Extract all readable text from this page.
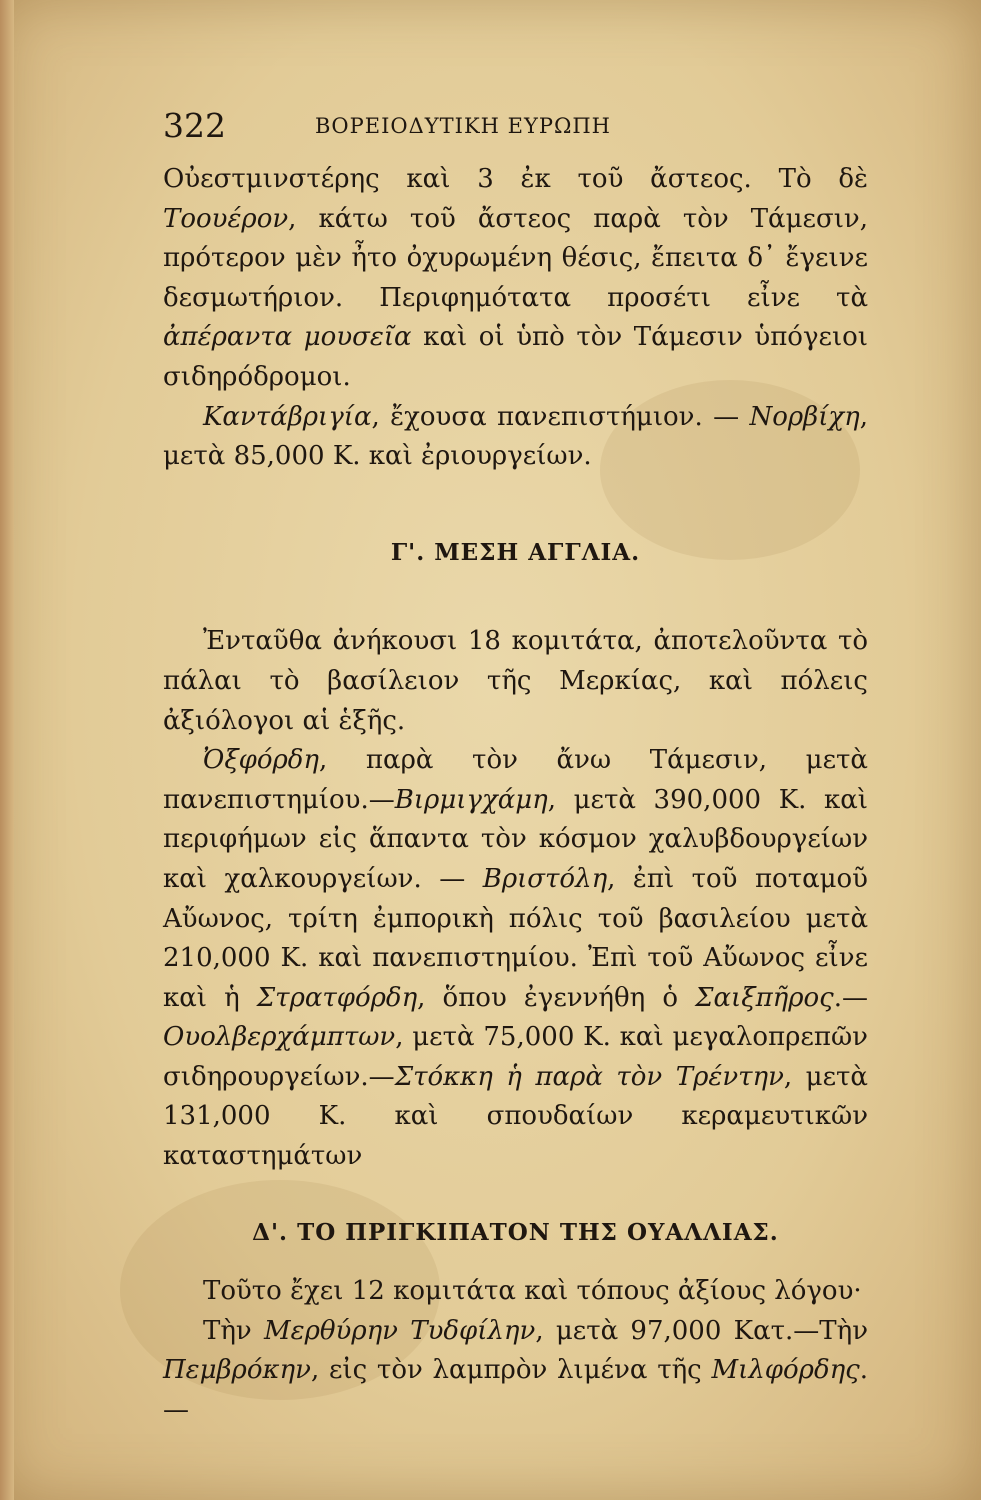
322	ΒΟΡΕΙΟΔΥΤΙΚΗ ΕΥΡΩΠΗ

Οὐεστμινστέρης καὶ 3 ἐκ τοῦ ἄστεος. Τὸ δὲ Τοουέρον, κάτω τοῦ ἄστεος παρὰ τὸν Τάμεσιν, πρότερον μὲν ἦτο ὀχυρωμένη θέσις, ἔπειτα δ᾽ ἔγεινε δεσμωτήριον. Περιφημότατα προσέτι εἶνε τὰ ἀπέραντα μουσεῖα καὶ οἱ ὑπὸ τὸν Τάμεσιν ὑπόγειοι σιδηρόδρομοι.

Καντάβριγία, ἔχουσα πανεπιστήμιον. — Νορβίχη, μετὰ 85,000 Κ. καὶ ἐριουργείων.

Γ'. ΜΕΣΗ ΑΓΓΛΙΑ.

Ἐνταῦθα ἀνήκουσι 18 κομιτάτα, ἀποτελοῦντα τὸ πάλαι τὸ βασίλειον τῆς Μερκίας, καὶ πόλεις ἀξιόλογοι αἱ ἑξῆς.

Ὀξφόρδη, παρὰ τὸν ἄνω Τάμεσιν, μετὰ πανεπιστημίου.—Βιρμιγχάμη, μετὰ 390,000 Κ. καὶ περιφήμων εἰς ἅπαντα τὸν κόσμον χαλυβδουργείων καὶ χαλκουργείων. — Βριστόλη, ἐπὶ τοῦ ποταμοῦ Αὔωνος, τρίτη ἐμπορικὴ πόλις τοῦ βασιλείου μετὰ 210,000 Κ. καὶ πανεπιστημίου. Ἐπὶ τοῦ Αὔωνος εἶνε καὶ ἡ Στρατφόρδη, ὅπου ἐγεννήθη ὁ Σαιξπῆρος.—Ουολβερχάμπτων, μετὰ 75,000 Κ. καὶ μεγαλοπρεπῶν σιδηρουργείων.—Στόκκη ἡ παρὰ τὸν Τρέντην, μετὰ 131,000 Κ. καὶ σπουδαίων κεραμευτικῶν καταστημάτων

Δ'. ΤΟ ΠΡΙΓΚΙΠΑΤΟΝ ΤΗΣ ΟΥΑΛΛΙΑΣ.

Τοῦτο ἔχει 12 κομιτάτα καὶ τόπους ἀξίους λόγου·

Τὴν Μερθύρην Τυδφίλην, μετὰ 97,000 Κατ.—Τὴν Πεμβρόκην, εἰς τὸν λαμπρὸν λιμένα τῆς Μιλφόρδης.—
